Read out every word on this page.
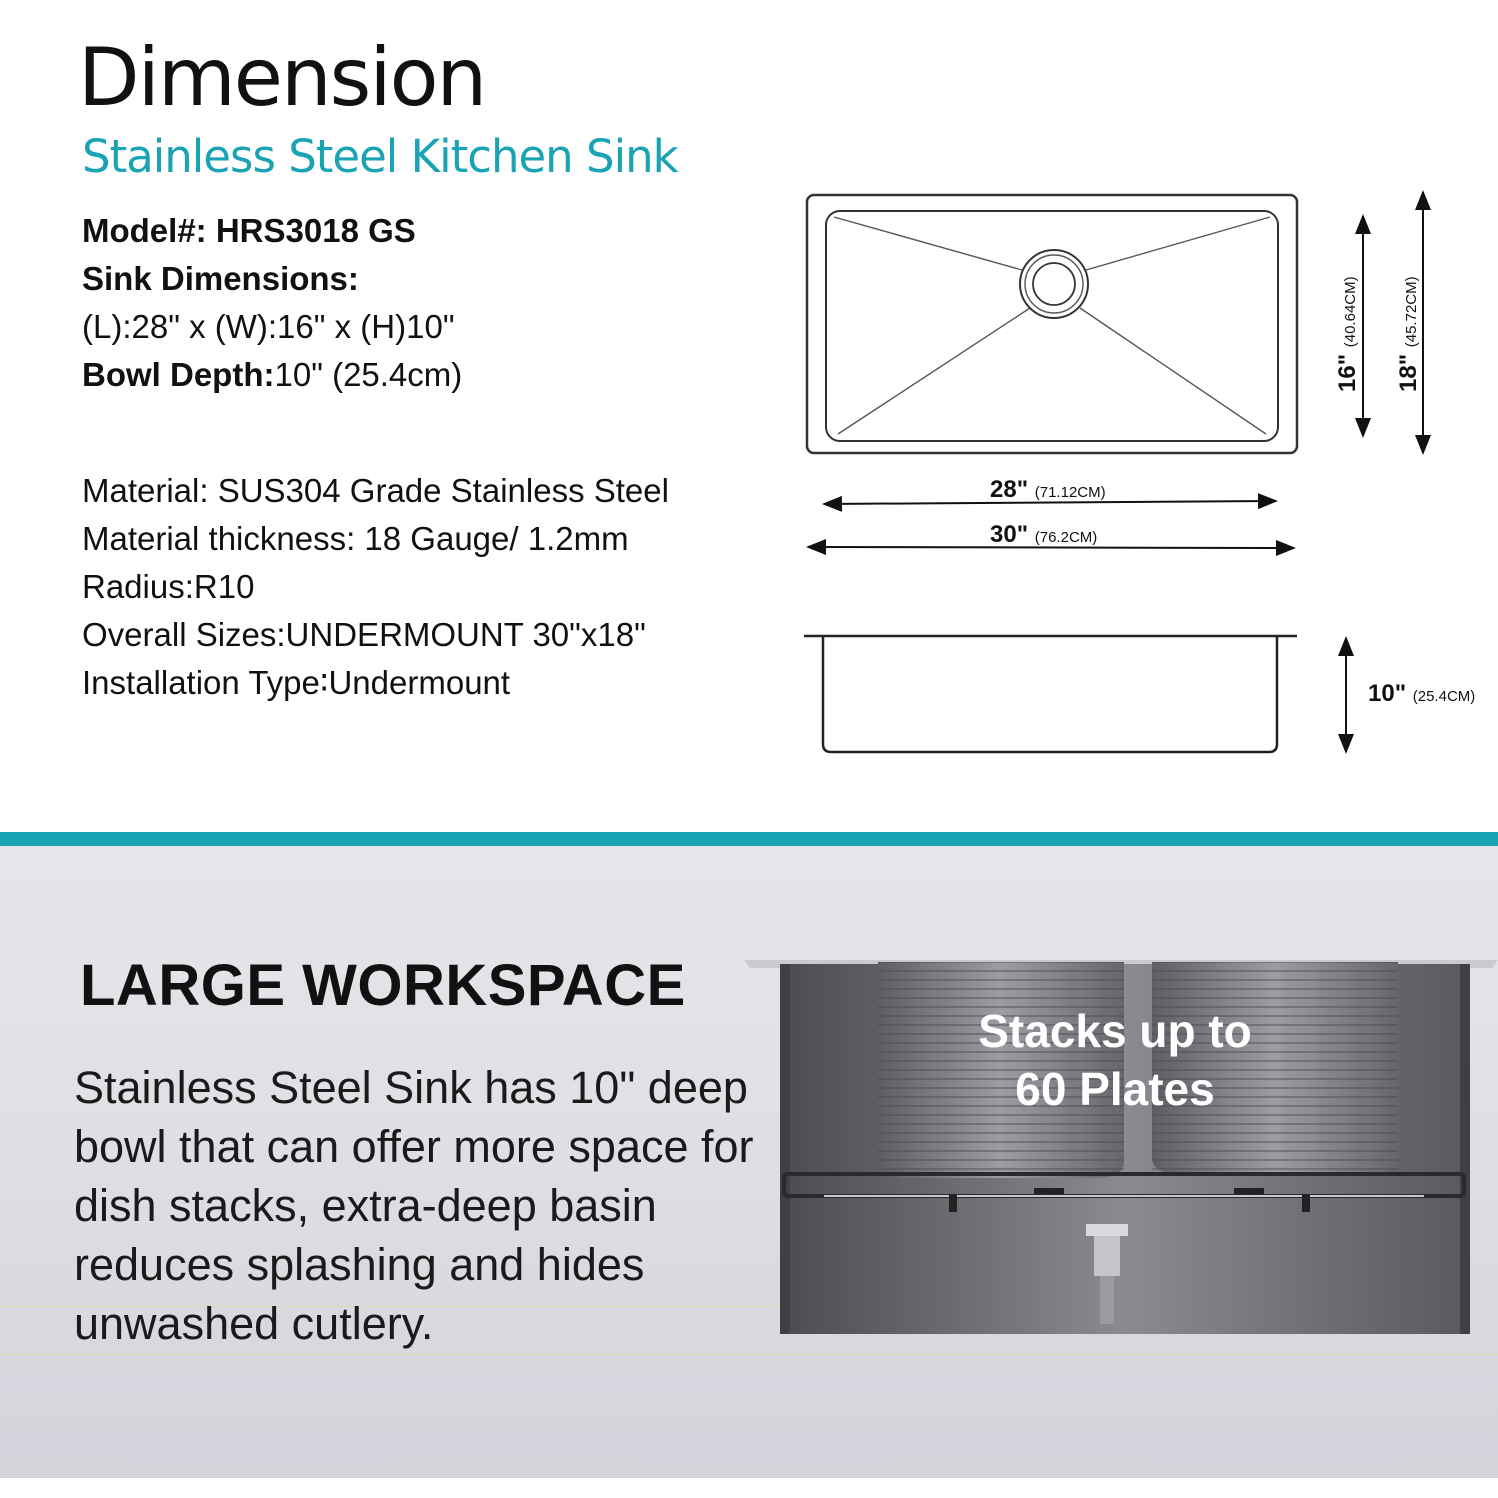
Dimension
Stainless Steel Kitchen Sink
Model#: HRS3018 GS
Sink Dimensions:
(L):28" x (W):16" x (H)10"
Bowl Depth:10" (25.4cm)
Material: SUS304 Grade Stainless Steel
Material thickness: 18 Gauge/ 1.2mm
Radius:R10
Overall Sizes:UNDERMOUNT 30"x18"
Installation Type∶Undermount
28" (71.12CM)
30" (76.2CM)
16" (40.64CM)
18" (45.72CM)
10" (25.4CM)
LARGE WORKSPACE
Stainless Steel Sink has 10" deep bowl that can offer more space for dish stacks, extra-deep basin reduces splashing and hides unwashed cutlery.
Stacks up to
60 Plates
